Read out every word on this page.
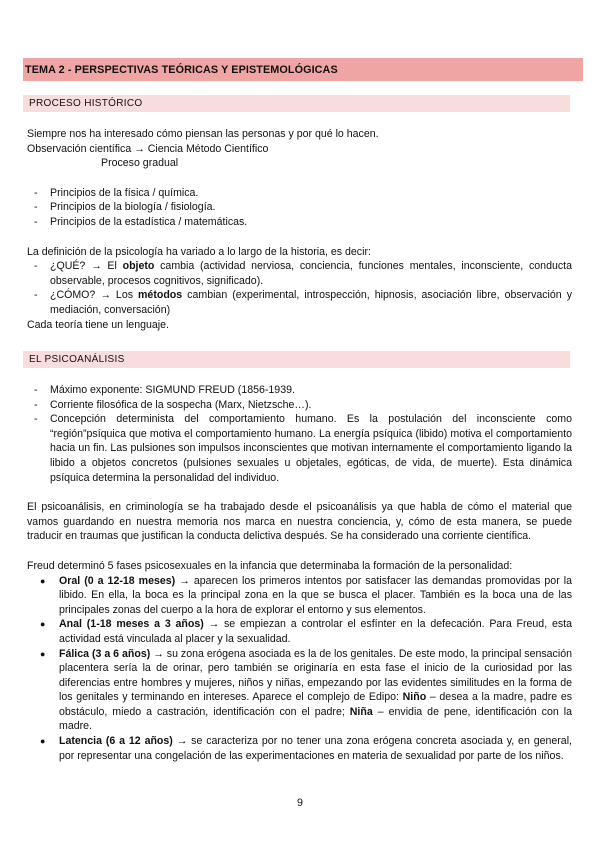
TEMA 2 - PERSPECTIVAS TEÓRICAS Y EPISTEMOLÓGICAS
PROCESO HISTÓRICO

Siempre nos ha interesado cómo piensan las personas y por qué lo hacen.

Observación científica → Ciencia Método Científico

Proceso gradual

- Principios de la física / química.
- Principios de la biología / fisiología.
- Principios de la estadística / matemáticas.

La definición de la psicología ha variado a lo largo de la historia, es decir:

- ¿QUÉ? → El objeto cambia (actividad nerviosa, conciencia, funciones mentales, inconsciente, conducta observable, procesos cognitivos, significado).
- ¿CÓMO? → Los métodos cambian (experimental, introspección, hipnosis, asociación libre, observación y mediación, conversación)

Cada teoría tiene un lenguaje.

EL PSICOANÁLISIS
- Máximo exponente: SIGMUND FREUD (1856-1939.
- Corriente filosófica de la sospecha (Marx, Nietzsche…).
- Concepción determinista del comportamiento humano. Es la postulación del inconsciente como “región”psíquica que motiva el comportamiento humano. La energía psíquica (libido) motiva el comportamiento hacia un fin. Las pulsiones son impulsos inconscientes que motivan internamente el comportamiento ligando la libido a objetos concretos (pulsiones sexuales u objetales, egóticas, de vida, de muerte). Esta dinámica psíquica determina la personalidad del individuo.

El psicoanálisis, en criminología se ha trabajado desde el psicoanálisis ya que habla de cómo el material que vamos guardando en nuestra memoria nos marca en nuestra conciencia, y, cómo de esta manera, se puede traducir en traumas que justifican la conducta delictiva después. Se ha considerado una corriente científica.

Freud determinó 5 fases psicosexuales en la infancia que determinaba la formación de la personalidad:

● Oral (0 a 12-18 meses) → aparecen los primeros intentos por satisfacer las demandas promovidas por la libido. En ella, la boca es la principal zona en la que se busca el placer. También es la boca una de las principales zonas del cuerpo a la hora de explorar el entorno y sus elementos.
● Anal (1-18 meses a 3 años) → se empiezan a controlar el esfínter en la defecación. Para Freud, esta actividad está vinculada al placer y la sexualidad.
● Fálica (3 a 6 años) → su zona erógena asociada es la de los genitales. De este modo, la principal sensación placentera sería la de orinar, pero también se originaría en esta fase el inicio de la curiosidad por las diferencias entre hombres y mujeres, niños y niñas, empezando por las evidentes similitudes en la forma de los genitales y terminando en intereses. Aparece el complejo de Edipo: Niño – desea a la madre, padre es obstáculo, miedo a castración, identificación con el padre; Niña – envidia de pene, identificación con la madre.
● Latencia (6 a 12 años) → se caracteriza por no tener una zona erógena concreta asociada y, en general, por representar una congelación de las experimentaciones en materia de sexualidad por parte de los niños.
9
